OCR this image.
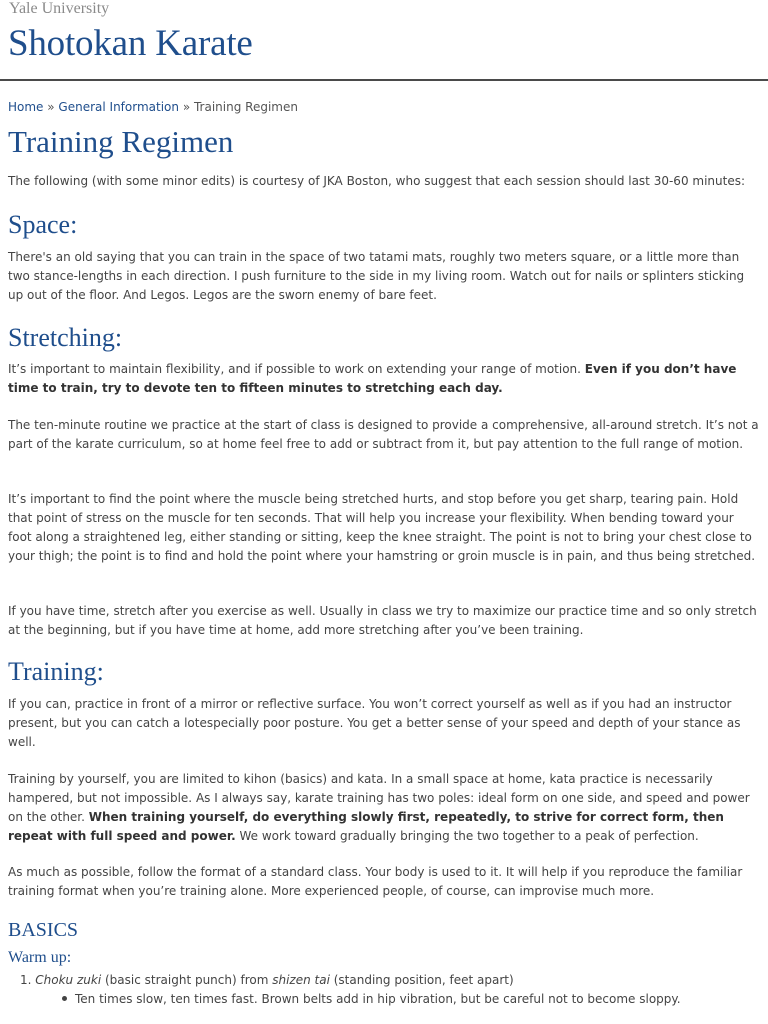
Yale University
Shotokan Karate
Home » General Information » Training Regimen
Training Regimen

The following (with some minor edits) is courtesy of JKA Boston, who suggest that each session should last 30-60 minutes:

Space:

There's an old saying that you can train in the space of two tatami mats, roughly two meters square, or a little more than two stance-lengths in each direction. I push furniture to the side in my living room. Watch out for nails or splinters sticking up out of the floor. And Legos. Legos are the sworn enemy of bare feet.

Stretching:

It’s important to maintain flexibility, and if possible to work on extending your range of motion. Even if you don’t have time to train, try to devote ten to fifteen minutes to stretching each day.

The ten-minute routine we practice at the start of class is designed to provide a comprehensive, all-around stretch. It’s not a part of the karate curriculum, so at home feel free to add or subtract from it, but pay attention to the full range of motion.

It’s important to find the point where the muscle being stretched hurts, and stop before you get sharp, tearing pain. Hold that point of stress on the muscle for ten seconds. That will help you increase your flexibility. When bending toward your foot along a straightened leg, either standing or sitting, keep the knee straight. The point is not to bring your chest close to your thigh; the point is to find and hold the point where your hamstring or groin muscle is in pain, and thus being stretched.

If you have time, stretch after you exercise as well. Usually in class we try to maximize our practice time and so only stretch at the beginning, but if you have time at home, add more stretching after you’ve been training.

Training:

If you can, practice in front of a mirror or reflective surface. You won’t correct yourself as well as if you had an instructor present, but you can catch a lotespecially poor posture. You get a better sense of your speed and depth of your stance as well.

Training by yourself, you are limited to kihon (basics) and kata. In a small space at home, kata practice is necessarily hampered, but not impossible. As I always say, karate training has two poles: ideal form on one side, and speed and power on the other. When training yourself, do everything slowly first, repeatedly, to strive for correct form, then repeat with full speed and power. We work toward gradually bringing the two together to a peak of perfection.

As much as possible, follow the format of a standard class. Your body is used to it. It will help if you reproduce the familiar training format when you’re training alone. More experienced people, of course, can improvise much more.

BASICS
Warm up:
1. Choku zuki (basic straight punch) from shizen tai (standing position, feet apart)
Ten times slow, ten times fast. Brown belts add in hip vibration, but be careful not to become sloppy.
